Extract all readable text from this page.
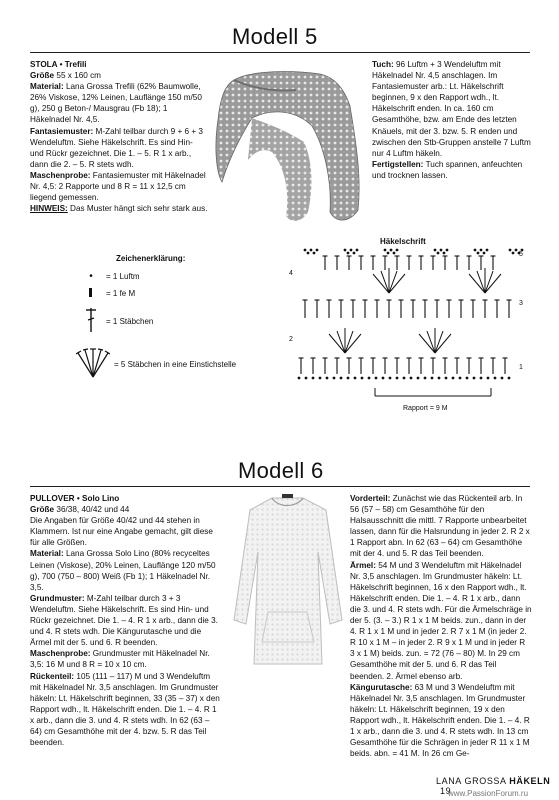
Modell 5

STOLA • Trefili

Größe 55 x 160 cm

Material: Lana Grossa Trefili (62% Baumwolle, 26% Viskose, 12% Leinen, Lauflänge 150 m/50 g), 250 g Beton-/ Mausgrau (Fb 18); 1 Häkelnadel Nr. 4,5.

Fantasiemuster: M-Zahl teilbar durch 9 + 6 + 3 Wendeluftm. Siehe Häkelschrift. Es sind Hin- und Rückr gezeichnet. Die 1. – 5. R 1 x arb., dann die 2. – 5. R stets wdh.

Maschenprobe: Fantasiemuster mit Häkelnadel Nr. 4,5: 2 Rapporte und 8 R = 11 x 12,5 cm liegend gemessen.

HINWEIS: Das Muster hängt sich sehr stark aus.

Tuch: 96 Luftm + 3 Wendeluftm mit Häkelnadel Nr. 4,5 anschlagen. Im Fantasiemuster arb.: Lt. Häkelschrift beginnen, 9 x den Rapport wdh., lt. Häkelschrift enden. In ca. 160 cm Gesamthöhe, bzw. am Ende des letzten Knäuels, mit der 3. bzw. 5. R enden und zwischen den Stb-Gruppen anstelle 7 Luftm nur 4 Luftm häkeln.

Fertigstellen: Tuch spannen, anfeuchten und trocknen lassen.

Zeichenerklärung:
•	= 1 Luftm
= 1 fe M
= 1 Stäbchen
= 5 Stäbchen in eine Einstichstelle
Häkelschrift
5
4
3
2
1
Rapport = 9 M
Modell 6

PULLOVER • Solo Lino

Größe 36/38, 40/42 und 44

Die Angaben für Größe 40/42 und 44 stehen in Klammern. Ist nur eine Angabe gemacht, gilt diese für alle Größen.

Material: Lana Grossa Solo Lino (80% recyceltes Leinen (Viskose), 20% Leinen, Lauflänge 120 m/50 g), 700 (750 – 800) Weiß (Fb 1); 1 Häkelnadel Nr. 3,5.

Grundmuster: M-Zahl teilbar durch 3 + 3 Wendeluftm. Siehe Häkelschrift. Es sind Hin- und Rückr gezeichnet. Die 1. – 4. R 1 x arb., dann die 3. und 4. R stets wdh. Die Kängurutasche und die Ärmel mit der 5. und 6. R beenden.

Maschenprobe: Grundmuster mit Häkelnadel Nr. 3,5: 16 M und 8 R = 10 x 10 cm.

Rückenteil: 105 (111 – 117) M und 3 Wendeluftm mit Häkelnadel Nr. 3,5 anschlagen. Im Grundmuster häkeln: Lt. Häkelschrift beginnen, 33 (35 – 37) x den Rapport wdh., lt. Häkelschrift enden. Die 1. – 4. R 1 x arb., dann die 3. und 4. R stets wdh. In 62 (63 – 64) cm Gesamthöhe mit der 4. bzw. 5. R das Teil beenden.

Vorderteil: Zunächst wie das Rückenteil arb. In 56 (57 – 58) cm Gesamthöhe für den Halsausschnitt die mittl. 7 Rapporte unbearbeitet lassen, dann für die Halsrundung in jeder 2. R 2 x 1 Rapport abn. In 62 (63 – 64) cm Gesamthöhe mit der 4. und 5. R das Teil beenden.

Ärmel: 54 M und 3 Wendeluftm mit Häkelnadel Nr. 3,5 anschlagen. Im Grundmuster häkeln: Lt. Häkelschrift beginnen, 16 x den Rapport wdh., lt. Häkelschrift enden. Die 1. – 4. R 1 x arb., dann die 3. und 4. R stets wdh. Für die Ärmelschräge in der 5. (3. – 3.) R 1 x 1 M beids. zun., dann in der 4. R 1 x 1 M und in jeder 2. R 7 x 1 M (in jeder 2. R 10 x 1 M – in jeder 2. R 9 x 1 M und in jeder R 3 x 1 M) beids. zun. = 72 (76 – 80) M. In 29 cm Gesamthöhe mit der 5. und 6. R das Teil beenden. 2. Ärmel ebenso arb.

Kängurutasche: 63 M und 3 Wendeluftm mit Häkelnadel Nr. 3,5 anschlagen. Im Grundmuster häkeln: Lt. Häkelschrift beginnen, 19 x den Rapport wdh., lt. Häkelschrift enden. Die 1. – 4. R 1 x arb., dann die 3. und 4. R stets wdh. In 13 cm Gesamthöhe für die Schrägen in jeder R 11 x 1 M beids. abn. = 41 M. In 26 cm Ge-

LANA GROSSA HÄKELN 19
www.PassionForum.ru
